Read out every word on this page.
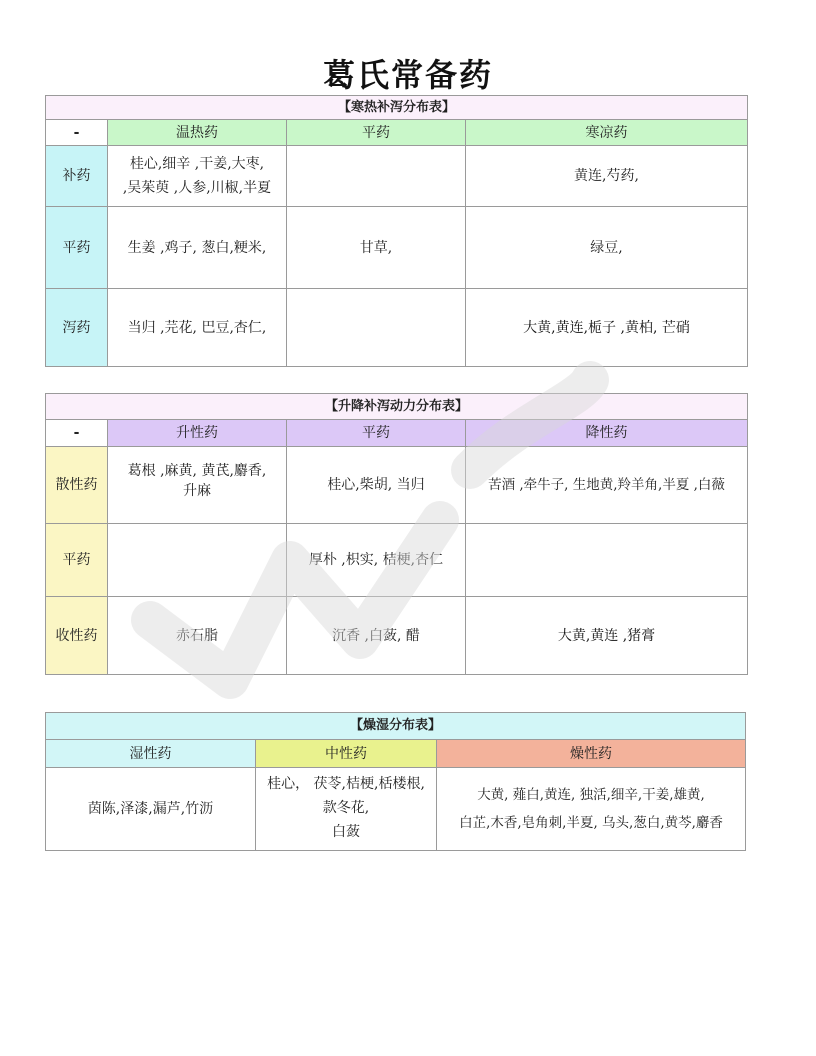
葛氏常备药
【寒热补泻分布表】			
-	温热药	平药	寒凉药
补药	桂心,细辛 ,干姜,大枣,
,吴茱萸 ,人参,川椒,半夏		黄连,芍药,
平药	生姜 ,鸡子, 葱白,粳米,	甘草,	绿豆,
泻药	当归 ,芫花, 巴豆,杏仁,		大黄,黄连,栀子 ,黄柏, 芒硝
【升降补泻动力分布表】			
-	升性药	平药	降性药
散性药	葛根 ,麻黄, 黄芪,麝香,
升麻	桂心,柴胡, 当归	苦酒 ,牵牛子, 生地黄,羚羊角,半夏 ,白薇
平药		厚朴 ,枳实, 桔梗,杏仁	
收性药	赤石脂	沉香 ,白蔹, 醋	大黄,黄连 ,猪膏
【燥湿分布表】		
湿性药	中性药	燥性药
茵陈,泽漆,漏芦,竹沥	桂心， 茯苓,桔梗,栝楼根,
款冬花,
白蔹	大黄, 薤白,黄连, 独活,细辛,干姜,雄黄,
白芷,木香,皂角刺,半夏, 乌头,葱白,黄芩,麝香
